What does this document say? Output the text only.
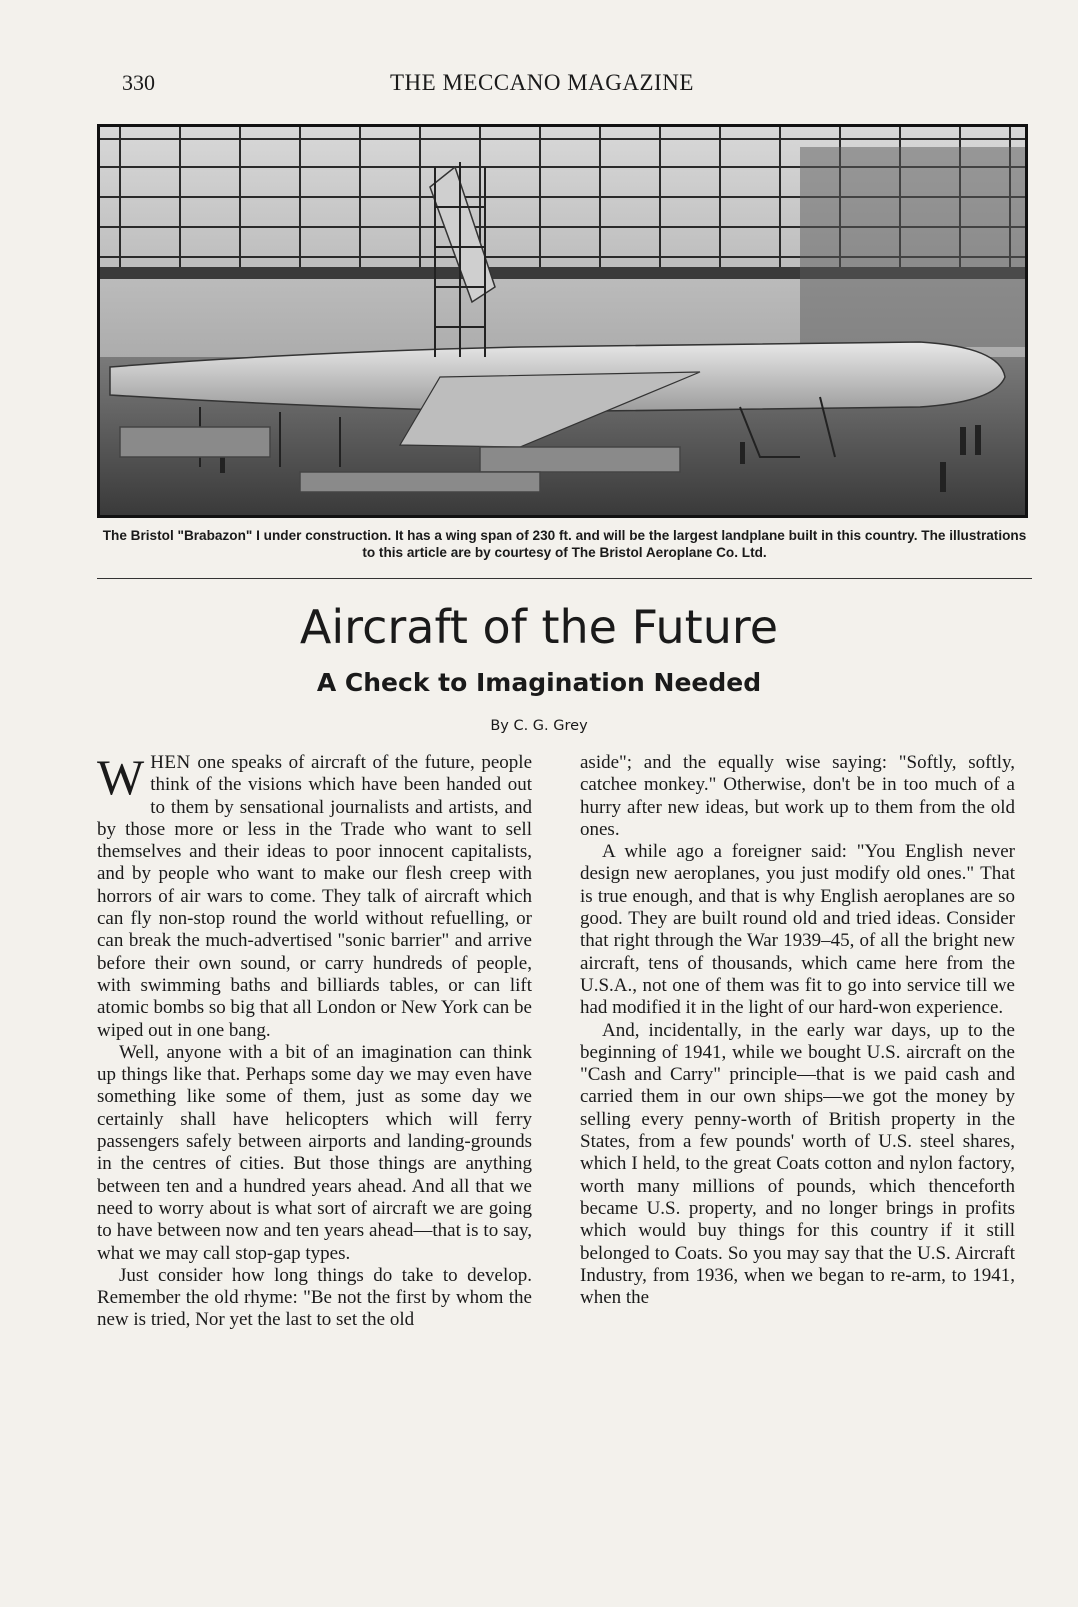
330	THE MECCANO MAGAZINE
The Bristol "Brabazon" I under construction. It has a wing span of 230 ft. and will be the largest landplane built in this country. The illustrations to this article are by courtesy of The Bristol Aeroplane Co. Ltd.
Aircraft of the Future
A Check to Imagination Needed
By C. G. Grey

WHEN one speaks of aircraft of the future, people think of the visions which have been handed out to them by sensational journalists and artists, and by those more or less in the Trade who want to sell themselves and their ideas to poor innocent capitalists, and by people who want to make our flesh creep with horrors of air wars to come. They talk of aircraft which can fly non-stop round the world without refuelling, or can break the much-advertised "sonic barrier" and arrive before their own sound, or carry hundreds of people, with swimming baths and billiards tables, or can lift atomic bombs so big that all London or New York can be wiped out in one bang.

Well, anyone with a bit of an imagination can think up things like that. Perhaps some day we may even have something like some of them, just as some day we certainly shall have helicopters which will ferry passengers safely between airports and landing-grounds in the centres of cities. But those things are anything between ten and a hundred years ahead. And all that we need to worry about is what sort of aircraft we are going to have between now and ten years ahead—that is to say, what we may call stop-gap types.

Just consider how long things do take to develop. Remember the old rhyme: "Be not the first by whom the new is tried, Nor yet the last to set the old

aside"; and the equally wise saying: "Softly, softly, catchee monkey." Otherwise, don't be in too much of a hurry after new ideas, but work up to them from the old ones.

A while ago a foreigner said: "You English never design new aeroplanes, you just modify old ones." That is true enough, and that is why English aeroplanes are so good. They are built round old and tried ideas. Consider that right through the War 1939–45, of all the bright new aircraft, tens of thousands, which came here from the U.S.A., not one of them was fit to go into service till we had modified it in the light of our hard-won experience.

And, incidentally, in the early war days, up to the beginning of 1941, while we bought U.S. aircraft on the "Cash and Carry" principle—that is we paid cash and carried them in our own ships—we got the money by selling every penny-worth of British property in the States, from a few pounds' worth of U.S. steel shares, which I held, to the great Coats cotton and nylon factory, worth many millions of pounds, which thenceforth became U.S. property, and no longer brings in profits which would buy things for this country if it still belonged to Coats. So you may say that the U.S. Aircraft Industry, from 1936, when we began to re-arm, to 1941, when the
